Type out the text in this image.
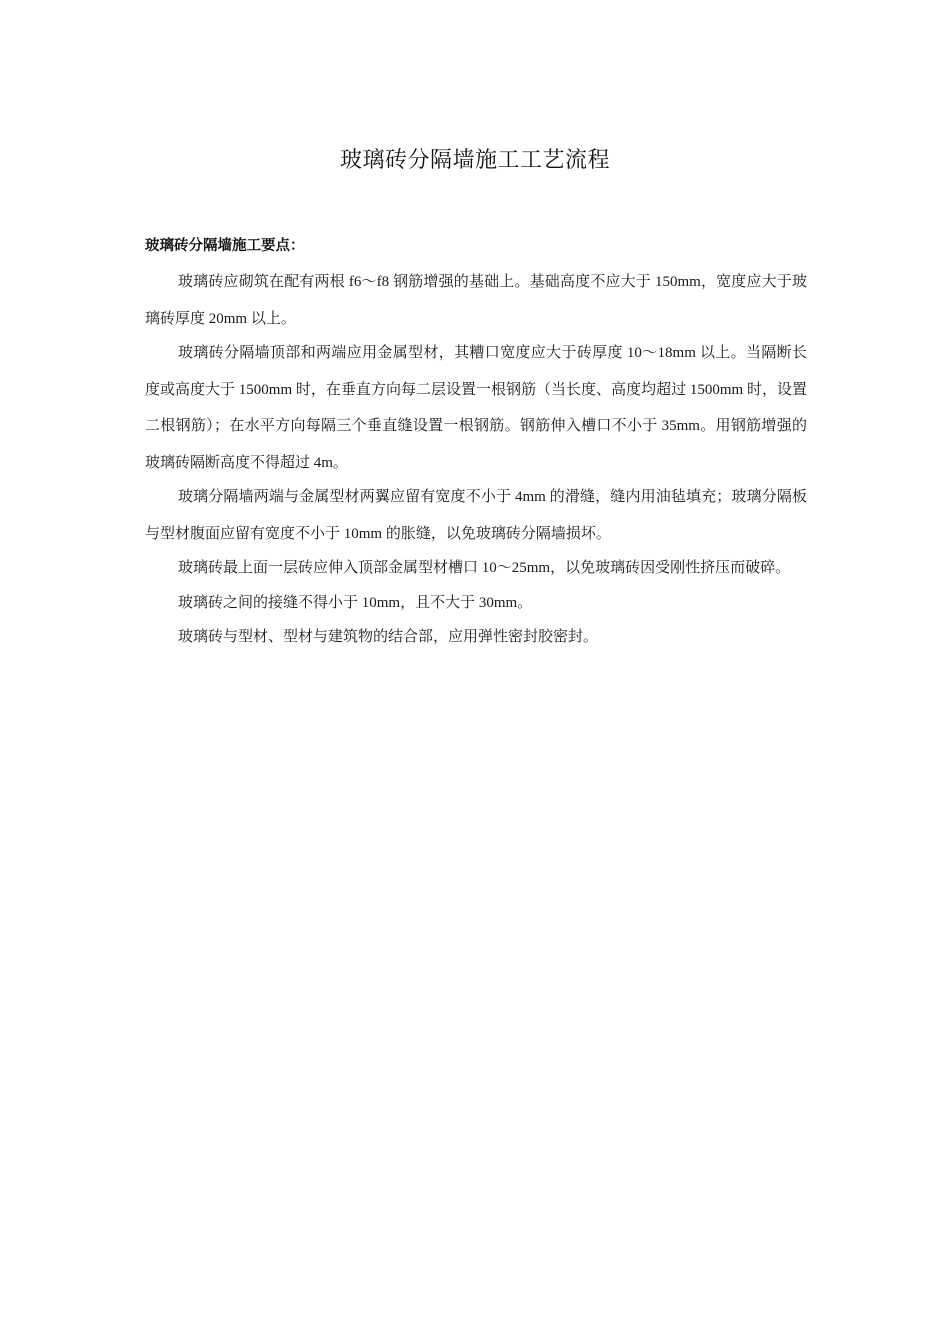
玻璃砖分隔墙施工工艺流程
玻璃砖分隔墙施工要点：

玻璃砖应砌筑在配有两根 f6～f8 钢筋增强的基础上。基础高度不应大于 150mm，宽度应大于玻璃砖厚度 20mm 以上。

玻璃砖分隔墙顶部和两端应用金属型材，其糟口宽度应大于砖厚度 10～18mm 以上。当隔断长度或高度大于 1500mm 时，在垂直方向每二层设置一根钢筋（当长度、高度均超过 1500mm 时，设置二根钢筋）；在水平方向每隔三个垂直缝设置一根钢筋。钢筋伸入槽口不小于 35mm。用钢筋增强的玻璃砖隔断高度不得超过 4m。

玻璃分隔墙两端与金属型材两翼应留有宽度不小于 4mm 的滑缝，缝内用油毡填充；玻璃分隔板与型材腹面应留有宽度不小于 10mm 的胀缝，以免玻璃砖分隔墙损坏。

玻璃砖最上面一层砖应伸入顶部金属型材槽口 10～25mm，以免玻璃砖因受刚性挤压而破碎。

玻璃砖之间的接缝不得小于 10mm，且不大于 30mm。

玻璃砖与型材、型材与建筑物的结合部，应用弹性密封胶密封。
